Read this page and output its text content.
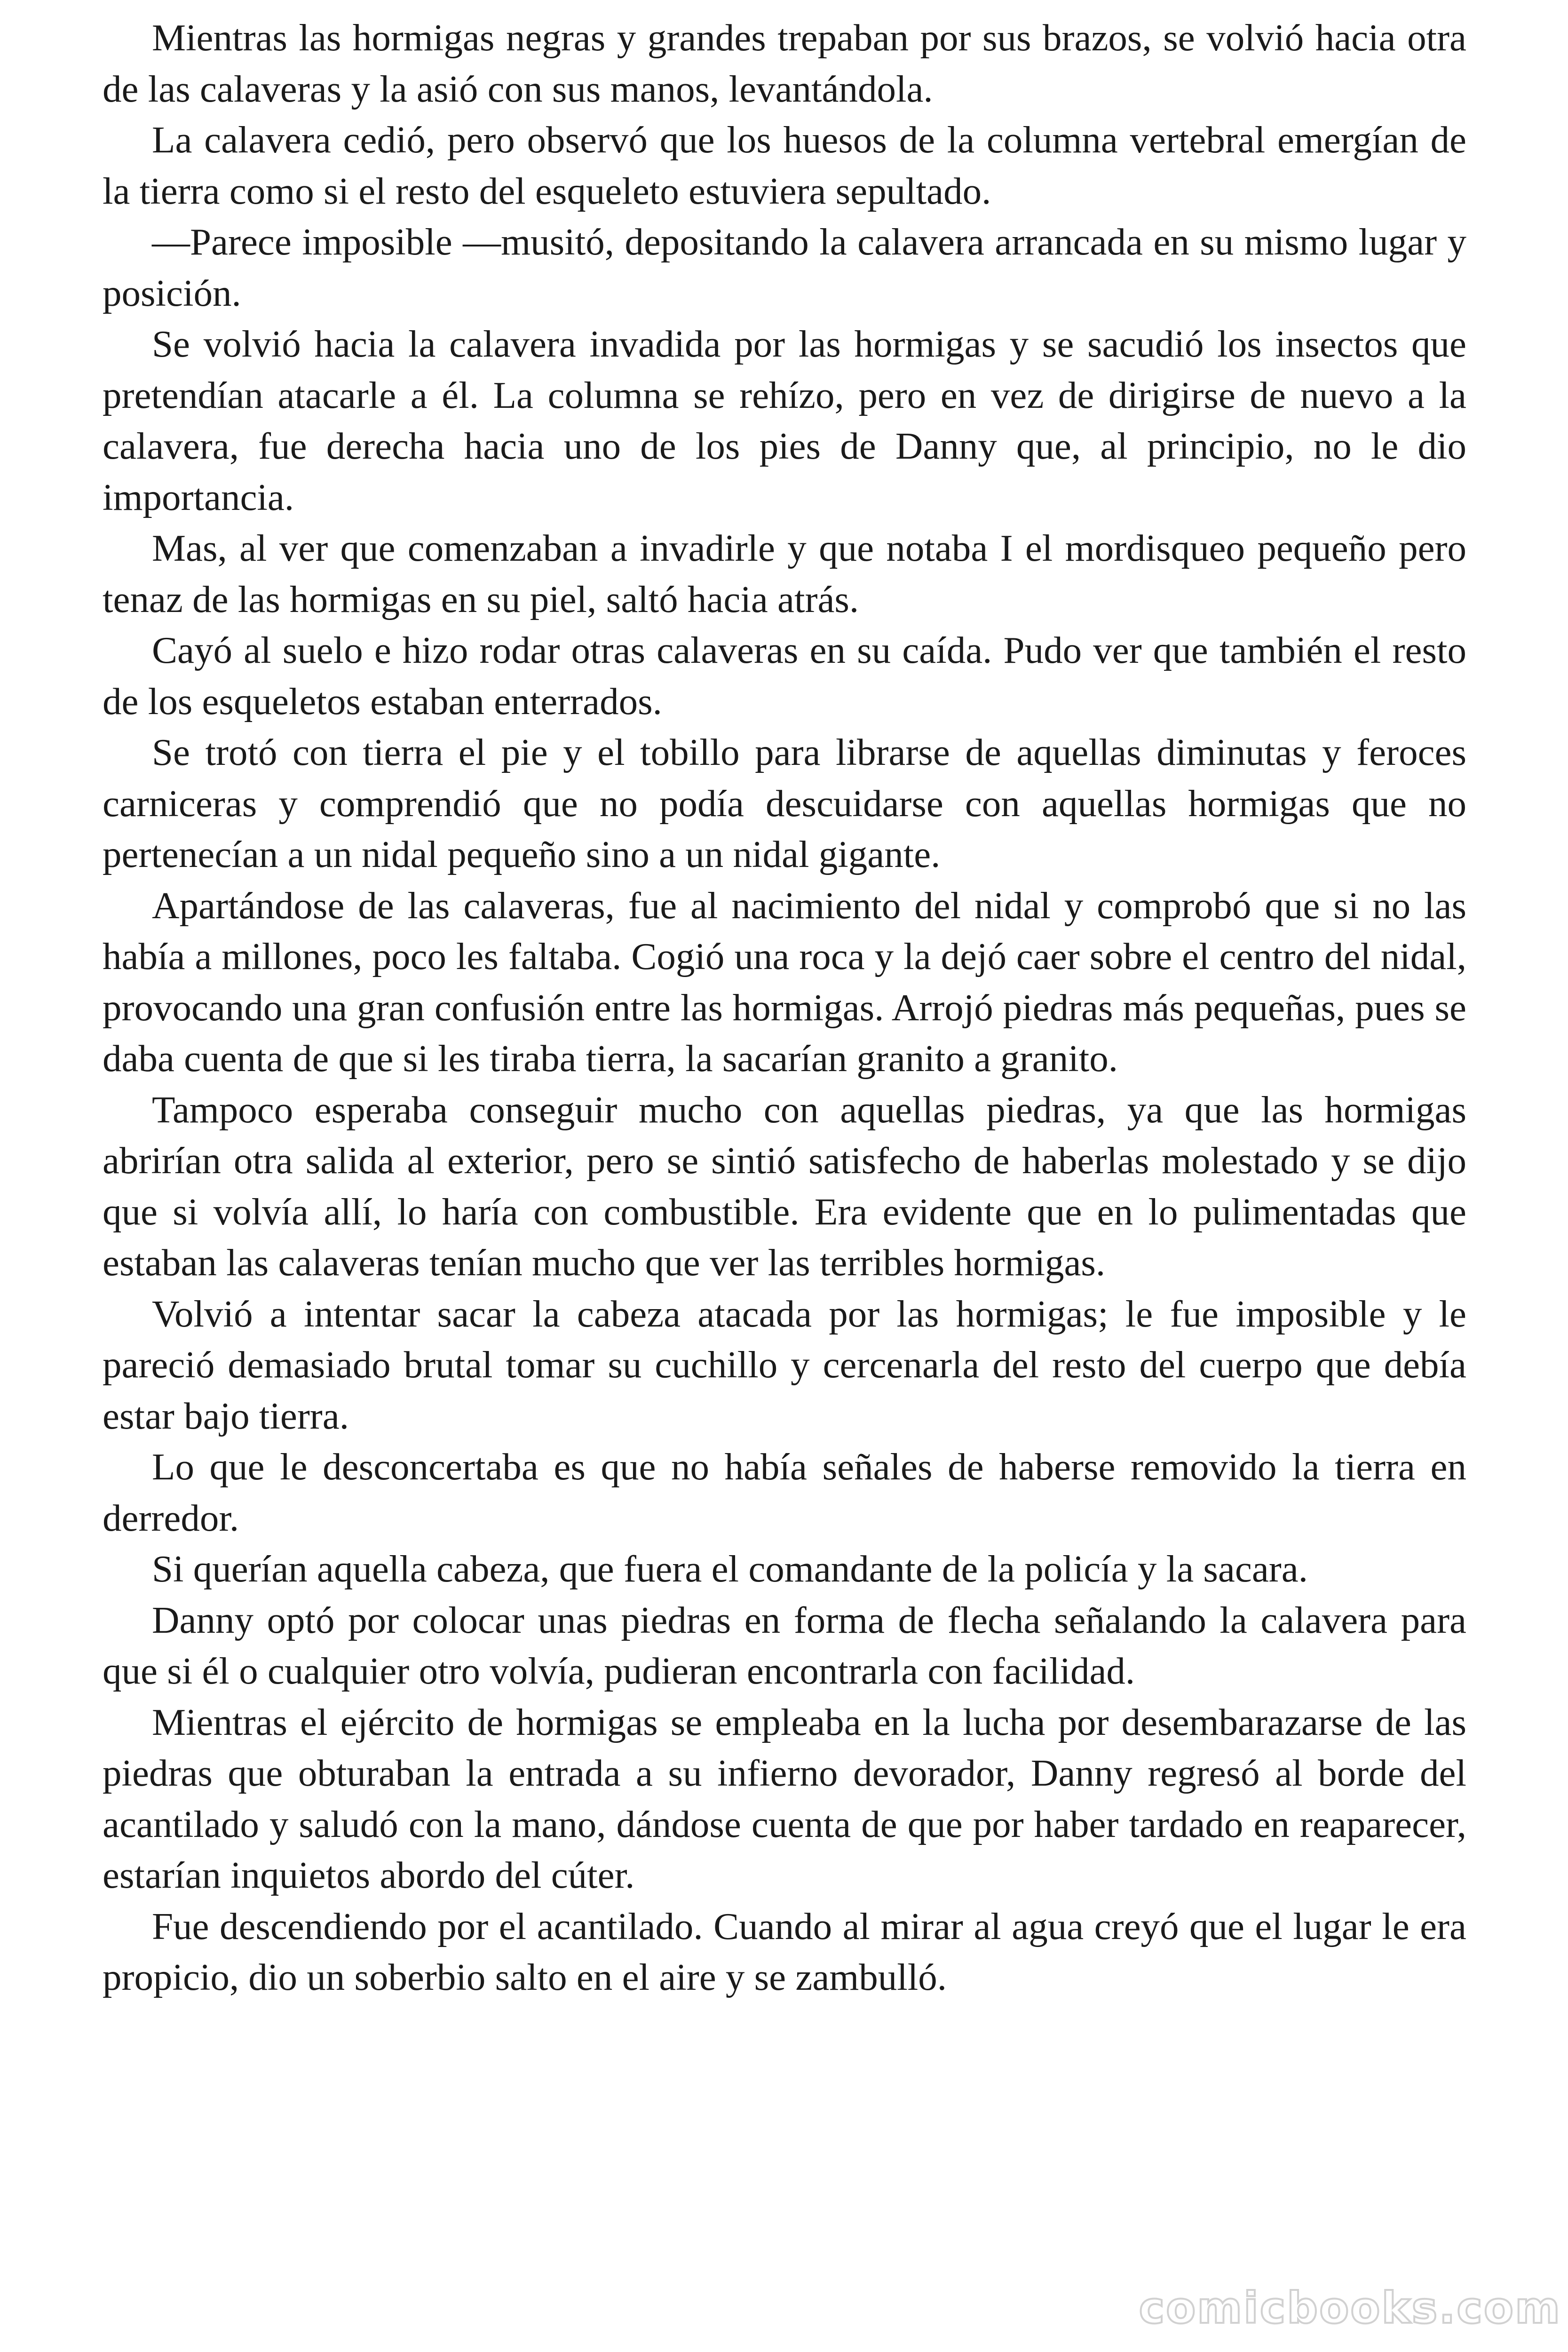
Mientras las hormigas negras y grandes trepaban por sus brazos, se volvió hacia otra de las calaveras y la asió con sus manos, levantándola.

La calavera cedió, pero observó que los huesos de la columna vertebral emergían de la tierra como si el resto del esqueleto estuviera sepultado.

—Parece imposible —musitó, depositando la calavera arrancada en su mismo lugar y posición.

Se volvió hacia la calavera invadida por las hormigas y se sacudió los insectos que pretendían atacarle a él. La columna se rehízo, pero en vez de dirigirse de nuevo a la calavera, fue derecha hacia uno de los pies de Danny que, al principio, no le dio importancia.

Mas, al ver que comenzaban a invadirle y que notaba I el mordisqueo pequeño pero tenaz de las hormigas en su piel, saltó hacia atrás.

Cayó al suelo e hizo rodar otras calaveras en su caída. Pudo ver que también el resto de los esqueletos estaban enterrados.

Se trotó con tierra el pie y el tobillo para librarse de aquellas diminutas y feroces carniceras y comprendió que no podía descuidarse con aquellas hormigas que no pertenecían a un nidal pequeño sino a un nidal gigante.

Apartándose de las calaveras, fue al nacimiento del nidal y comprobó que si no las había a millones, poco les faltaba. Cogió una roca y la dejó caer sobre el centro del nidal, provocando una gran confusión entre las hormigas. Arrojó piedras más pequeñas, pues se daba cuenta de que si les tiraba tierra, la sacarían granito a granito.

Tampoco esperaba conseguir mucho con aquellas piedras, ya que las hormigas abrirían otra salida al exterior, pero se sintió satisfecho de haberlas molestado y se dijo que si volvía allí, lo haría con combustible. Era evidente que en lo pulimentadas que estaban las calaveras tenían mucho que ver las terribles hormigas.

Volvió a intentar sacar la cabeza atacada por las hormigas; le fue imposible y le pareció demasiado brutal tomar su cuchillo y cercenarla del resto del cuerpo que debía estar bajo tierra.

Lo que le desconcertaba es que no había señales de haberse removido la tierra en derredor.

Si querían aquella cabeza, que fuera el comandante de la policía y la sacara.

Danny optó por colocar unas piedras en forma de flecha señalando la calavera para que si él o cualquier otro volvía, pudieran encontrarla con facilidad.

Mientras el ejército de hormigas se empleaba en la lucha por desembarazarse de las piedras que obturaban la entrada a su infierno devorador, Danny regresó al borde del acantilado y saludó con la mano, dándose cuenta de que por haber tardado en reaparecer, estarían inquietos abordo del cúter.

Fue descendiendo por el acantilado. Cuando al mirar al agua creyó que el lugar le era propicio, dio un soberbio salto en el aire y se zambulló.

comicbooks.com
